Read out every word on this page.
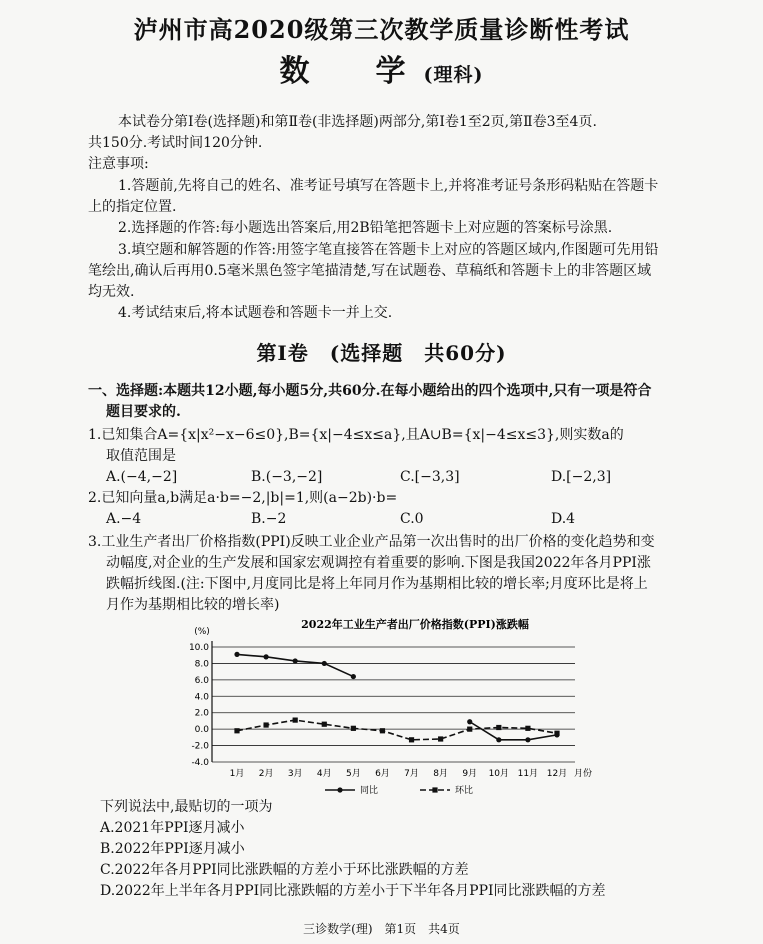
泸州市高2020级第三次教学质量诊断性考试
数　学(理科)
本试卷分第Ⅰ卷(选择题)和第Ⅱ卷(非选择题)两部分,第Ⅰ卷1至2页,第Ⅱ卷3至4页.
共150分.考试时间120分钟.
注意事项:
1.答题前,先将自己的姓名、准考证号填写在答题卡上,并将准考证号条形码粘贴在答题卡
上的指定位置.
2.选择题的作答:每小题选出答案后,用2B铅笔把答题卡上对应题的答案标号涂黑.
3.填空题和解答题的作答:用签字笔直接答在答题卡上对应的答题区域内,作图题可先用铅
笔绘出,确认后再用0.5毫米黑色签字笔描清楚,写在试题卷、草稿纸和答题卡上的非答题区域
均无效.
4.考试结束后,将本试题卷和答题卡一并上交.
第Ⅰ卷　(选择题　共60分)
一、选择题:本题共12小题,每小题5分,共60分.在每小题给出的四个选项中,只有一项是符合
题目要求的.
1.已知集合A={x|x²−x−6≤0},B={x|−4≤x≤a},且A∪B={x|−4≤x≤3},则实数a的
取值范围是
A.(−4,−2]	B.(−3,−2]	C.[−3,3]	D.[−2,3]
2.已知向量a,b满足a·b=−2,|b|=1,则(a−2b)·b=
A.−4	B.−2	C.0	D.4
3.工业生产者出厂价格指数(PPI)反映工业企业产品第一次出售时的出厂价格的变化趋势和变
动幅度,对企业的生产发展和国家宏观调控有着重要的影响.下图是我国2022年各月PPI涨
跌幅折线图.(注:下图中,月度同比是将上年同月作为基期相比较的增长率;月度环比是将上
月作为基期相比较的增长率)
2022年工业生产者出厂价格指数(PPI)涨跌幅
(%)
10.0
8.0
6.0
4.0
2.0
0.0
-2.0
-4.0
1月 2月 3月 4月 5月 6月 7月 8月 9月 10月 11月 12月 月份
同比	环比
下列说法中,最贴切的一项为
A.2021年PPI逐月减小
B.2022年PPI逐月减小
C.2022年各月PPI同比涨跌幅的方差小于环比涨跌幅的方差
D.2022年上半年各月PPI同比涨跌幅的方差小于下半年各月PPI同比涨跌幅的方差
三诊数学(理)　第1页　共4页
